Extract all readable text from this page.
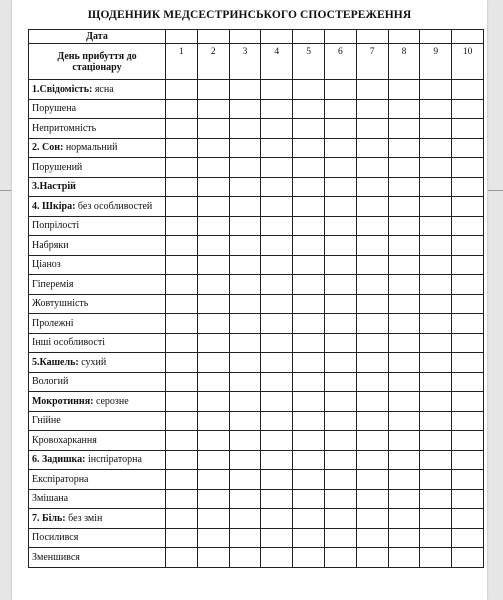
ЩОДЕННИК МЕДСЕСТРИНСЬКОГО СПОСТЕРЕЖЕННЯ
Дата										
День прибуття до стаціонару	1	2	3	4	5	6	7	8	9	10
1.Свідомість: ясна										
Порушена										
Непритомність										
2. Сон: нормальний										
Порушений										
3.Настрій										
4. Шкіра: без особливостей										
Попрілості										
Набряки										
Ціаноз										
Гіперемія										
Жовтушність										
Пролежні										
Інші особливості										
5.Кашель: сухий										
Вологий										
Мокротиння: серозне										
Гнійне										
Кровохаркання										
6. Задишка: інспіраторна										
Експіраторна										
Змішана										
7. Біль: без змін										
Посилився										
Зменшився										
